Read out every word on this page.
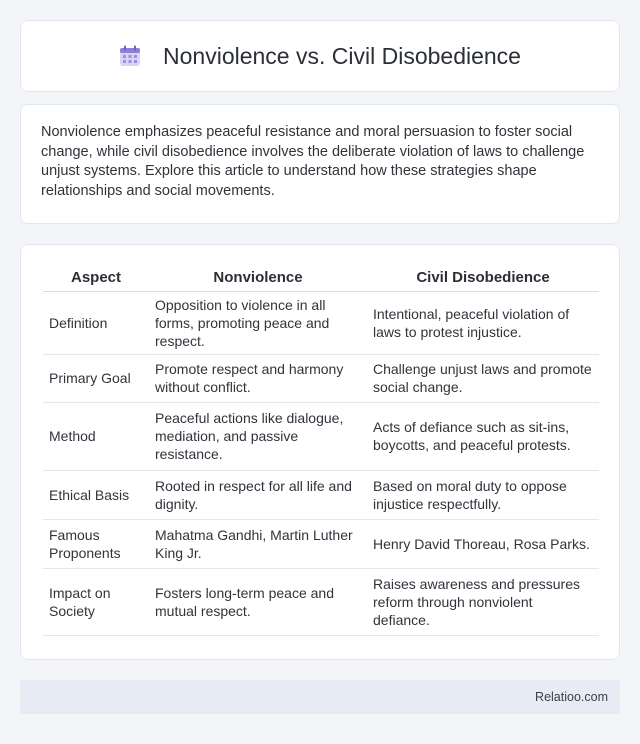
Nonviolence vs. Civil Disobedience

Nonviolence emphasizes peaceful resistance and moral persuasion to foster social change, while civil disobedience involves the deliberate violation of laws to challenge unjust systems. Explore this article to understand how these strategies shape relationships and social movements.

Aspect	Nonviolence	Civil Disobedience
Definition	Opposition to violence in all forms, promoting peace and respect.	Intentional, peaceful violation of laws to protest injustice.
Primary Goal	Promote respect and harmony without conflict.	Challenge unjust laws and promote social change.
Method	Peaceful actions like dialogue, mediation, and passive resistance.	Acts of defiance such as sit-ins, boycotts, and peaceful protests.
Ethical Basis	Rooted in respect for all life and dignity.	Based on moral duty to oppose injustice respectfully.
Famous Proponents	Mahatma Gandhi, Martin Luther King Jr.	Henry David Thoreau, Rosa Parks.
Impact on Society	Fosters long-term peace and mutual respect.	Raises awareness and pressures reform through nonviolent defiance.
Relatioo.com
